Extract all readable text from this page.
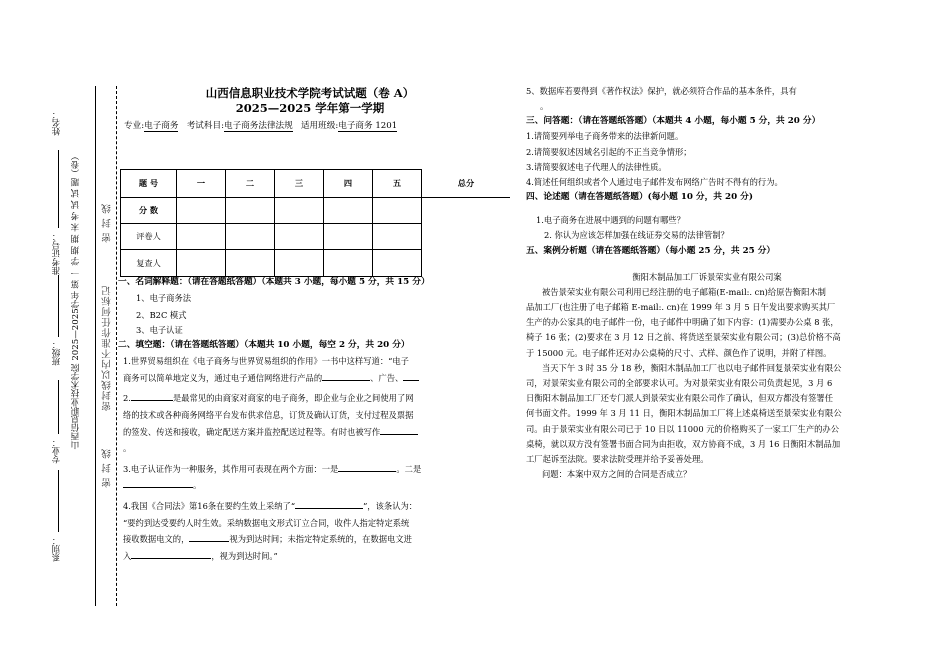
密 封 线
密封线以内不准作任何标记
密 封 线
山西信息职业技术学院 2025—2025学年 第 一 学 期 期 末 考 试 试 题（卷）
系別：
专业：
班级：
准考证号：
姓名：
山西信息职业技术学院考试试题（卷 A）
2025—2025 学年第一学期
专业:电子商务 考试科目:电子商务法律法规 适用班级:电子商务 1201
题 号	一	二	三	四	五	总分
分 数						
评卷人						
复查人						
一、名词解释题：（请在答题纸答题）（本题共 3 小题，每小题 5 分，共 15 分）
1、电子商务法
2、B2C 模式
3、电子认证
二、填空题：（请在答题纸答题）（本题共 10 小题，每空 2 分，共 20 分）
1.世界贸易组织在《电子商务与世界贸易组织的作用》一书中这样写道：“电子
商务可以简单地定义为，通过电子通信网络进行产品的	、广告、
2.	是最常见的由商家对商家的电子商务，即企业与企业之间使用了网
络的技术或各种商务网络平台发布供求信息，订货及确认订货，支付过程及票据
的签发、传送和接收，确定配送方案并监控配送过程等。有时也被写作
。
3.电子认证作为一种服务，其作用可表现在两个方面：一是	。二是
。
4.我国《合同法》第16条在要约生效上采纳了“	”，该条认为：
“要约到达受要约人时生效。采纳数据电文形式订立合同，收件人指定特定系统
接收数据电文的，	视为到达时间；未指定特定系统的，在数据电文进
入	，视为到达时间。”
5、数据库若要得到《著作权法》保护，就必须符合作品的基本条件，具有
。
三、问答题：（请在答题纸答题）（本题共 4 小题，每小题 5 分，共 20 分）
1.请简要列举电子商务带来的法律新问题。
2.请简要叙述因域名引起的不正当竞争情形；
3.请简要叙述电子代理人的法律性质。
4.简述任何组织或者个人通过电子邮件发布网络广告时不得有的行为。
四、论述题（请在答题纸答题）(每小题 10 分，共 20 分)
1.电子商务在进展中遇到的问题有哪些？
2. 你认为应该怎样加强在线证券交易的法律管制？
五、案例分析题（请在答题纸答题）（每小题 25 分，共 25 分）
衡阳木制品加工厂诉景荣实业有限公司案
被告景荣实业有限公司利用已经注册的电子邮箱(E-mail:. cn)给原告衡阳木制
品加工厂(也注册了电子邮箱 E-mail:. cn)在 1999 年 3 月 5 日午发出要求购买其厂
生产的办公家具的电子邮件一份，电子邮件中明确了如下内容：(1)需要办公桌 8 张，
椅子 16 张；(2)要求在 3 月 12 日之前、将货送至景荣实业有限公司；(3)总价格不高
于 15000 元。电子邮件还对办公桌椅的尺寸、式样、颜色作了说明，并附了样图。
当天下午 3 时 35 分 18 秒，衡阳木制品加工厂也以电子邮件回复景荣实业有限公
司，对景荣实业有限公司的全部要求认可。为对景荣实业有限公司负责起见，3 月 6
日衡阳木制品加工厂还专门派人到景荣实业有限公司作了确认，但双方都没有签署任
何书面文件。1999 年 3 月 11 日，衡阳木制品加工厂将上述桌椅送至景荣实业有限公
司。由于景荣实业有限公司已于 10 日以 11000 元的价格购买了一家工厂生产的办公
桌椅，就以双方没有签署书面合同为由拒收，双方协商不成，3 月 16 日衡阳木制品加
工厂起诉至法院。要求法院受理并给予妥善处理。
问题：本案中双方之间的合同是否成立？
